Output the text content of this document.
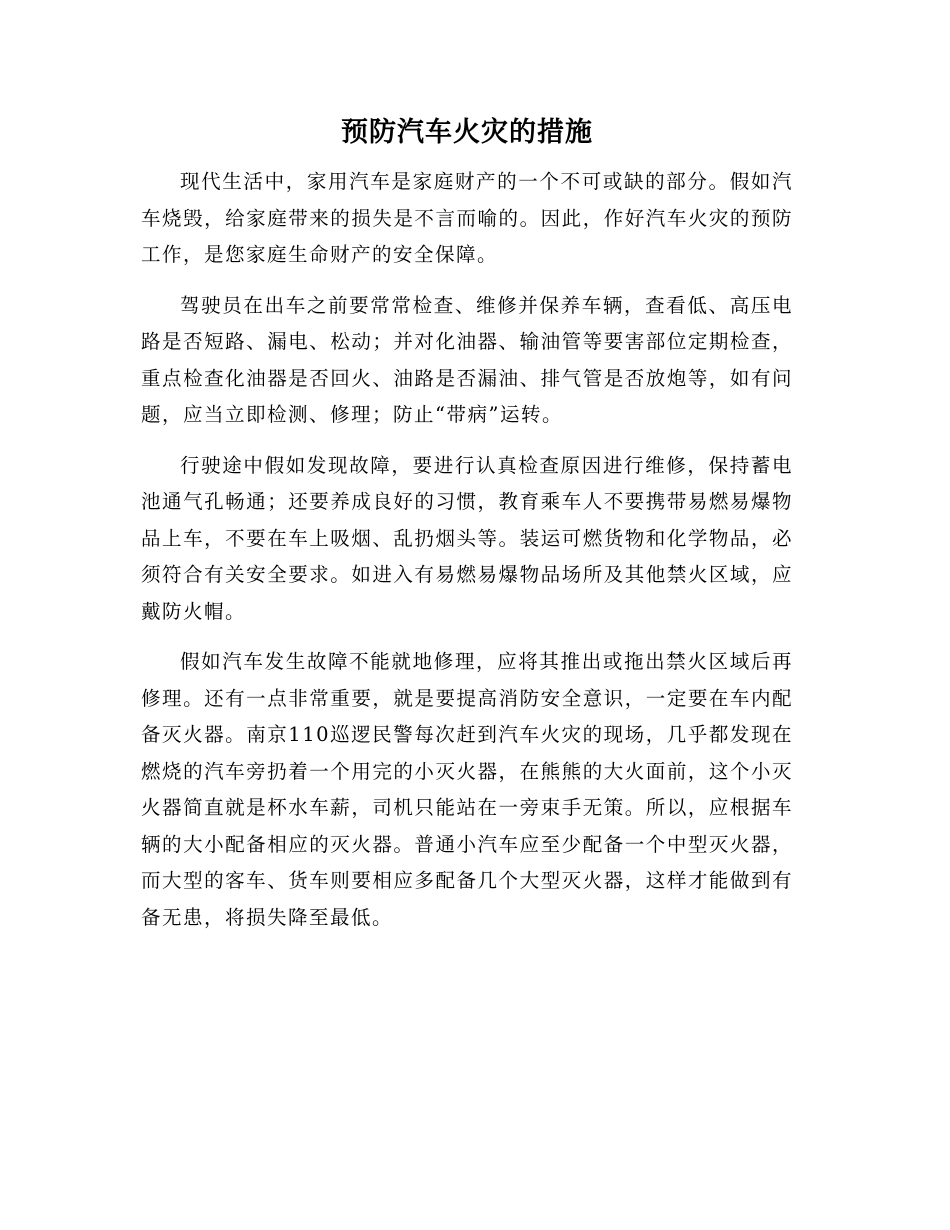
预防汽车火灾的措施

现代生活中，家用汽车是家庭财产的一个不可或缺的部分。假如汽车烧毁，给家庭带来的损失是不言而喻的。因此，作好汽车火灾的预防工作，是您家庭生命财产的安全保障。

驾驶员在出车之前要常常检查、维修并保养车辆，查看低、高压电路是否短路、漏电、松动；并对化油器、输油管等要害部位定期检查，重点检查化油器是否回火、油路是否漏油、排气管是否放炮等，如有问题，应当立即检测、修理；防止“带病”运转。

行驶途中假如发现故障，要进行认真检查原因进行维修，保持蓄电池通气孔畅通；还要养成良好的习惯，教育乘车人不要携带易燃易爆物品上车，不要在车上吸烟、乱扔烟头等。装运可燃货物和化学物品，必须符合有关安全要求。如进入有易燃易爆物品场所及其他禁火区域，应戴防火帽。

假如汽车发生故障不能就地修理，应将其推出或拖出禁火区域后再修理。还有一点非常重要，就是要提高消防安全意识，一定要在车内配备灭火器。南京110巡逻民警每次赶到汽车火灾的现场，几乎都发现在燃烧的汽车旁扔着一个用完的小灭火器，在熊熊的大火面前，这个小灭火器简直就是杯水车薪，司机只能站在一旁束手无策。所以，应根据车辆的大小配备相应的灭火器。普通小汽车应至少配备一个中型灭火器，而大型的客车、货车则要相应多配备几个大型灭火器，这样才能做到有备无患，将损失降至最低。
